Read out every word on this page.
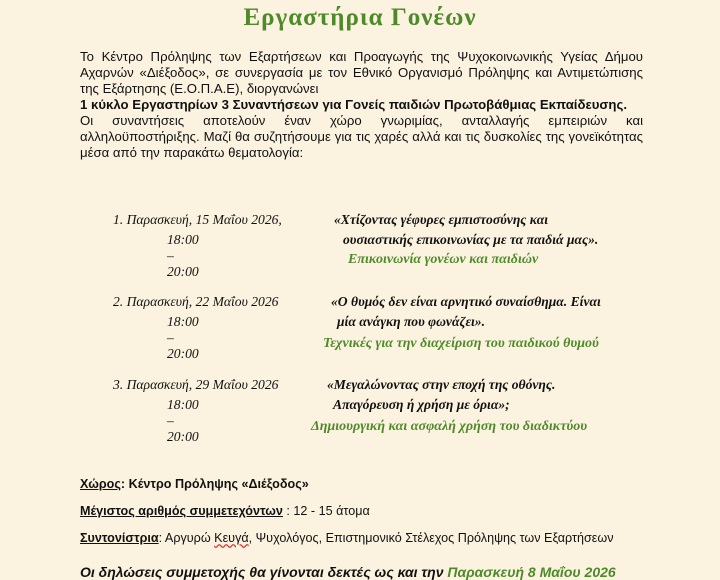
Εργαστήρια Γονέων

Το Κέντρο Πρόληψης των Εξαρτήσεων και Προαγωγής της Ψυχοκοινωνικής Υγείας Δήμου Αχαρνών «Διέξοδος», σε συνεργασία με τον Εθνικό Οργανισμό Πρόληψης και Αντιμετώπισης της Εξάρτησης (Ε.Ο.Π.Α.Ε), διοργανώνει

1 κύκλο Εργαστηρίων 3 Συναντήσεων για Γονείς παιδιών Πρωτοβάθμιας Εκπαίδευσης.

Οι συναντήσεις αποτελούν έναν χώρο γνωριμίας, ανταλλαγής εμπειριών και αλληλοϋποστήριξης. Μαζί θα συζητήσουμε για τις χαρές αλλά και τις δυσκολίες της γονεϊκότητας μέσα από την παρακάτω θεματολογία:

1. Παρασκευή, 15 Μαΐου 2026,
18:00 – 20:00
«Χτίζοντας γέφυρες εμπιστοσύνης και
ουσιαστικής επικοινωνίας με τα παιδιά μας».
Επικοινωνία γονέων και παιδιών
2. Παρασκευή, 22 Μαΐου 2026
18:00 – 20:00
«Ο θυμός δεν είναι αρνητικό συναίσθημα. Είναι
μία ανάγκη που φωνάζει».
Τεχνικές για την διαχείριση του παιδικού θυμού
3. Παρασκευή, 29 Μαΐου 2026
18:00 – 20:00
«Μεγαλώνοντας στην εποχή της οθόνης.
Απαγόρευση ή χρήση με όρια»;
Δημιουργική και ασφαλή χρήση του διαδικτύου
Χώρος: Κέντρο Πρόληψης «Διέξοδος»
Μέγιστος αριθμός συμμετεχόντων : 12 - 15 άτομα
Συντονίστρια: Αργυρώ Κευγά, Ψυχολόγος, Επιστημονικό Στέλεχος Πρόληψης των Εξαρτήσεων
Οι δηλώσεις συμμετοχής θα γίνονται δεκτές ως και την Παρασκευή 8 Μαΐου 2026
